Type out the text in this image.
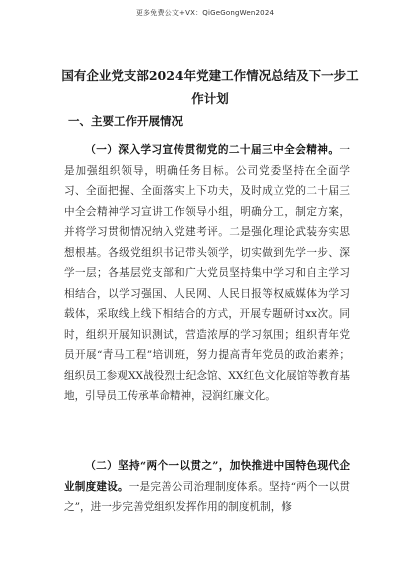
更多免费公文+VX：QiGeGongWen2024
国有企业党支部2024年党建工作情况总结及下一步工作计划
一、主要工作开展情况

（一）深入学习宣传贯彻党的二十届三中全会精神。一是加强组织领导，明确任务目标。公司党委坚持在全面学习、全面把握、全面落实上下功夫，及时成立党的二十届三中全会精神学习宣讲工作领导小组，明确分工，制定方案，并将学习贯彻情况纳入党建考评。二是强化理论武装夯实思想根基。各级党组织书记带头领学，切实做到先学一步、深学一层；各基层党支部和广大党员坚持集中学习和自主学习相结合，以学习强国、人民网、人民日报等权威媒体为学习载体，采取线上线下相结合的方式，开展专题研讨xx次。同时，组织开展知识测试，营造浓厚的学习氛围；组织青年党员开展“青马工程”培训班，努力提高青年党员的政治素养；组织员工参观XX战役烈士纪念馆、XX红色文化展馆等教育基地，引导员工传承革命精神，浸润红廉文化。

（二）坚持“两个一以贯之”，加快推进中国特色现代企业制度建设。一是完善公司治理制度体系。坚持“两个一以贯之”，进一步完善党组织发挥作用的制度机制，修
